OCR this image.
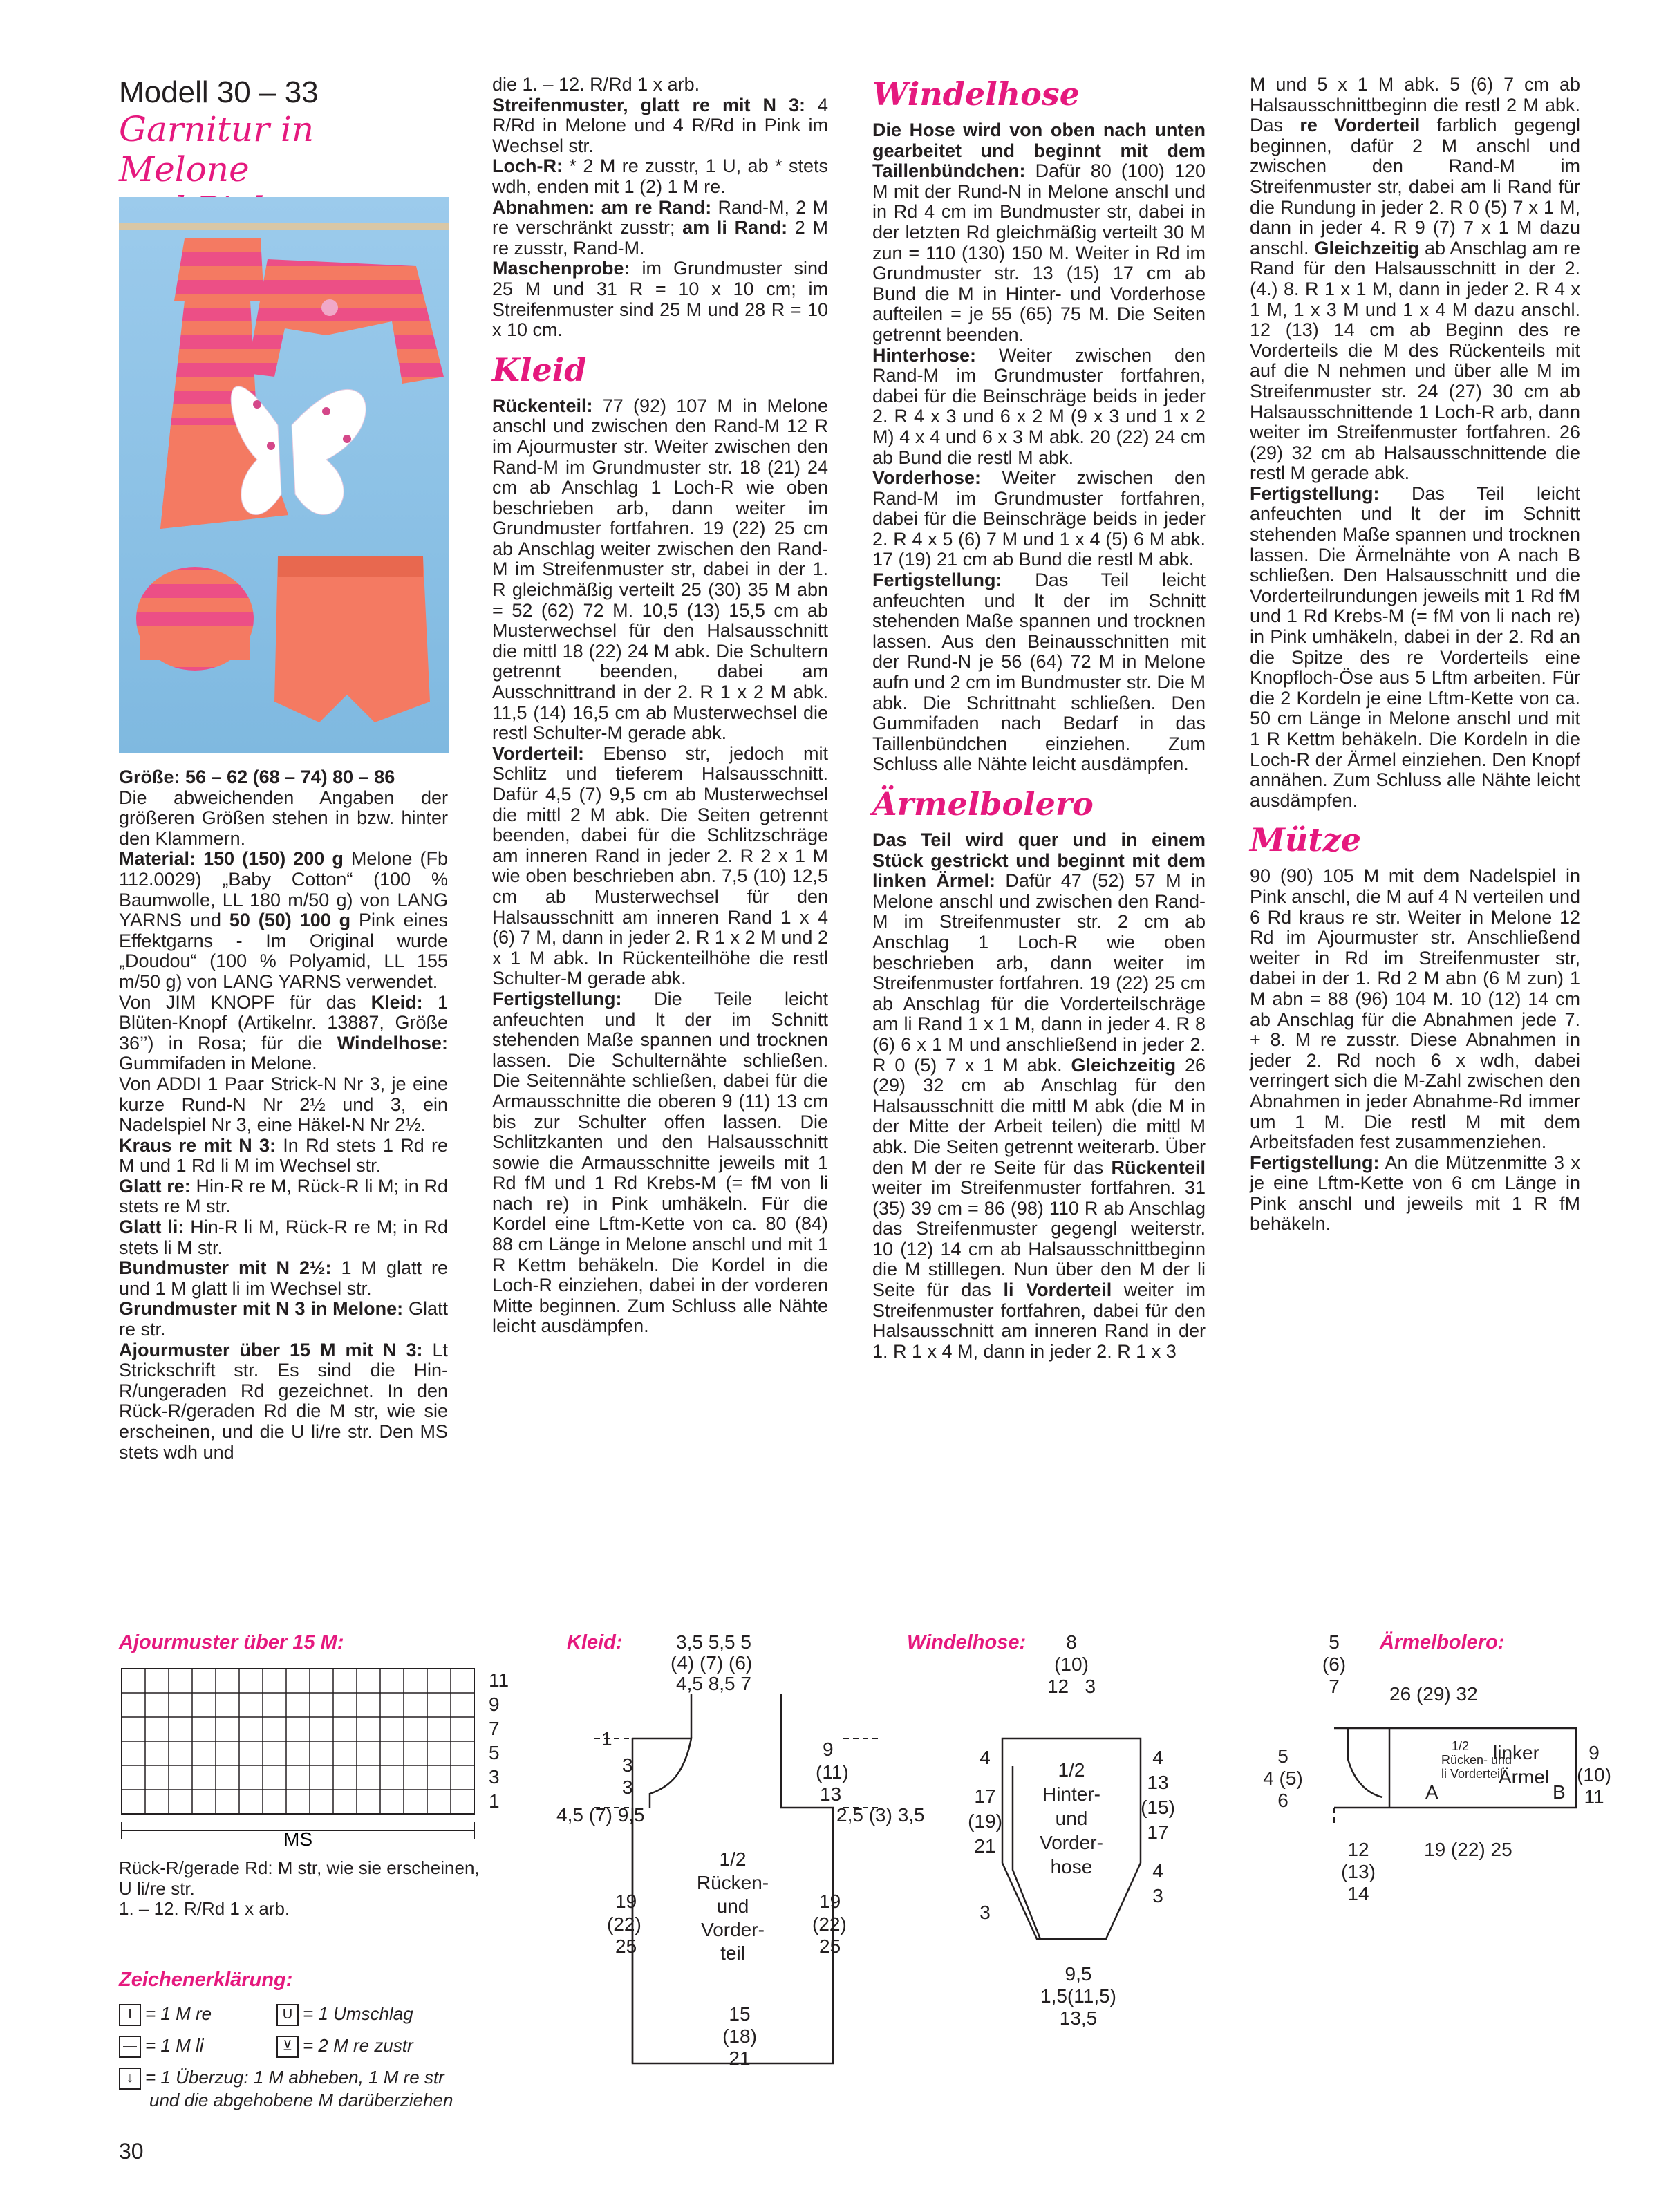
Modell 30 – 33
Garnitur in Melone

Größe: 56 – 62 (68 – 74) 80 – 86

Die abweichenden Angaben der größeren Größen stehen in bzw. hinter den Klammern.

Material: 150 (150) 200 g Melone (Fb 112.0029) „Baby Cotton“ (100 % Baumwolle, LL 180 m/50 g) von LANG YARNS und 50 (50) 100 g Pink eines Effektgarns - Im Original wurde „Doudou“ (100 % Polyamid, LL 155 m/50 g) von LANG YARNS verwendet.

Von JIM KNOPF für das Kleid: 1 Blüten-Knopf (Artikelnr. 13887, Größe 36’’) in Rosa; für die Windelhose: Gummifaden in Melone.

Von ADDI 1 Paar Strick-N Nr 3, je eine kurze Rund-N Nr 2½ und 3, ein Nadelspiel Nr 3, eine Häkel-N Nr 2½.

Kraus re mit N 3: In Rd stets 1 Rd re M und 1 Rd li M im Wechsel str.

Glatt re: Hin-R re M, Rück-R li M; in Rd stets re M str.

Glatt li: Hin-R li M, Rück-R re M; in Rd stets li M str.

Bundmuster mit N 2½: 1 M glatt re und 1 M glatt li im Wechsel str.

Grundmuster mit N 3 in Melone: Glatt re str.

Ajourmuster über 15 M mit N 3: Lt Strickschrift str. Es sind die Hin-R/ungeraden Rd gezeichnet. In den Rück-R/geraden Rd die M str, wie sie erscheinen, und die U li/re str. Den MS stets wdh und

die 1. – 12. R/Rd 1 x arb.

Streifenmuster, glatt re mit N 3: 4 R/Rd in Melone und 4 R/Rd in Pink im Wechsel str.

Loch-R: * 2 M re zusstr, 1 U, ab * stets wdh, enden mit 1 (2) 1 M re.

Abnahmen: am re Rand: Rand-M, 2 M re verschränkt zusstr; am li Rand: 2 M re zusstr, Rand-M.

Maschenprobe: im Grundmuster sind 25 M und 31 R = 10 x 10 cm; im Streifenmuster sind 25 M und 28 R = 10 x 10 cm.

Kleid

Rückenteil: 77 (92) 107 M in Melone anschl und zwischen den Rand-M 12 R im Ajourmuster str. Weiter zwischen den Rand-M im Grundmuster str. 18 (21) 24 cm ab Anschlag 1 Loch-R wie oben beschrieben arb, dann weiter im Grundmuster fortfahren. 19 (22) 25 cm ab Anschlag weiter zwischen den Rand-M im Streifenmuster str, dabei in der 1. R gleichmäßig verteilt 25 (30) 35 M abn = 52 (62) 72 M. 10,5 (13) 15,5 cm ab Musterwechsel für den Halsausschnitt die mittl 18 (22) 24 M abk. Die Schultern getrennt beenden, dabei am Ausschnittrand in der 2. R 1 x 2 M abk. 11,5 (14) 16,5 cm ab Musterwechsel die restl Schulter-M gerade abk.

Vorderteil: Ebenso str, jedoch mit Schlitz und tieferem Halsausschnitt. Dafür 4,5 (7) 9,5 cm ab Musterwechsel die mittl 2 M abk. Die Seiten getrennt beenden, dabei für die Schlitzschräge am inneren Rand in jeder 2. R 2 x 1 M wie oben beschrieben abn. 7,5 (10) 12,5 cm ab Musterwechsel für den Halsausschnitt am inneren Rand 1 x 4 (6) 7 M, dann in jeder 2. R 1 x 2 M und 2 x 1 M abk. In Rückenteilhöhe die restl Schulter-M gerade abk.

Fertigstellung: Die Teile leicht anfeuchten und lt der im Schnitt stehenden Maße spannen und trocknen lassen. Die Schulternähte schließen. Die Seitennähte schließen, dabei für die Armausschnitte die oberen 9 (11) 13 cm bis zur Schulter offen lassen. Die Schlitzkanten und den Halsausschnitt sowie die Armausschnitte jeweils mit 1 Rd fM und 1 Rd Krebs-M (= fM von li nach re) in Pink umhäkeln. Für die Kordel eine Lftm-Kette von ca. 80 (84) 88 cm Länge in Melone anschl und mit 1 R Kettm behäkeln. Die Kordel in die Loch-R einziehen, dabei in der vorderen Mitte beginnen. Zum Schluss alle Nähte leicht ausdämpfen.

Windelhose

Die Hose wird von oben nach unten gearbeitet und beginnt mit dem Taillenbündchen: Dafür 80 (100) 120 M mit der Rund-N in Melone anschl und in Rd 4 cm im Bundmuster str, dabei in der letzten Rd gleichmäßig verteilt 30 M zun = 110 (130) 150 M. Weiter in Rd im Grundmuster str. 13 (15) 17 cm ab Bund die M in Hinter- und Vorderhose aufteilen = je 55 (65) 75 M. Die Seiten getrennt beenden.

Hinterhose: Weiter zwischen den Rand-M im Grundmuster fortfahren, dabei für die Beinschräge beids in jeder 2. R 4 x 3 und 6 x 2 M (9 x 3 und 1 x 2 M) 4 x 4 und 6 x 3 M abk. 20 (22) 24 cm ab Bund die restl M abk.

Vorderhose: Weiter zwischen den Rand-M im Grundmuster fortfahren, dabei für die Beinschräge beids in jeder 2. R 4 x 5 (6) 7 M und 1 x 4 (5) 6 M abk. 17 (19) 21 cm ab Bund die restl M abk.

Fertigstellung: Das Teil leicht anfeuchten und lt der im Schnitt stehenden Maße spannen und trocknen lassen. Aus den Beinausschnitten mit der Rund-N je 56 (64) 72 M in Melone aufn und 2 cm im Bundmuster str. Die M abk. Die Schrittnaht schließen. Den Gummifaden nach Bedarf in das Taillenbündchen einziehen. Zum Schluss alle Nähte leicht ausdämpfen.

Ärmelbolero

Das Teil wird quer und in einem Stück gestrickt und beginnt mit dem linken Ärmel: Dafür 47 (52) 57 M in Melone anschl und zwischen den Rand-M im Streifenmuster str. 2 cm ab Anschlag 1 Loch-R wie oben beschrieben arb, dann weiter im Streifenmuster fortfahren. 19 (22) 25 cm ab Anschlag für die Vorderteilschräge am li Rand 1 x 1 M, dann in jeder 4. R 8 (6) 6 x 1 M und anschließend in jeder 2. R 0 (5) 7 x 1 M abk. Gleichzeitig 26 (29) 32 cm ab Anschlag für den Halsausschnitt die mittl M abk (die M in der Mitte der Arbeit teilen) die mittl M abk. Die Seiten getrennt weiterarb. Über den M der re Seite für das Rückenteil weiter im Streifenmuster fortfahren. 31 (35) 39 cm = 86 (98) 110 R ab Anschlag das Streifenmuster gegengl weiterstr. 10 (12) 14 cm ab Halsausschnittbeginn die M stilllegen. Nun über den M der li Seite für das li Vorderteil weiter im Streifenmuster fortfahren, dabei für den Halsausschnitt am inneren Rand in der 1. R 1 x 4 M, dann in jeder 2. R 1 x 3

M und 5 x 1 M abk. 5 (6) 7 cm ab Halsausschnittbeginn die restl 2 M abk. Das re Vorderteil farblich gegengl beginnen, dafür 2 M anschl und zwischen den Rand-M im Streifenmuster str, dabei am li Rand für die Rundung in jeder 2. R 0 (5) 7 x 1 M, dann in jeder 4. R 9 (7) 7 x 1 M dazu anschl. Gleichzeitig ab Anschlag am re Rand für den Halsausschnitt in der 2. (4.) 8. R 1 x 1 M, dann in jeder 2. R 4 x 1 M, 1 x 3 M und 1 x 4 M dazu anschl. 12 (13) 14 cm ab Beginn des re Vorderteils die M des Rückenteils mit auf die N nehmen und über alle M im Streifenmuster str. 24 (27) 30 cm ab Halsausschnittende 1 Loch-R arb, dann weiter im Streifenmuster fortfahren. 26 (29) 32 cm ab Halsausschnittende die restl M gerade abk.

Fertigstellung: Das Teil leicht anfeuchten und lt der im Schnitt stehenden Maße spannen und trocknen lassen. Die Ärmelnähte von A nach B schließen. Den Halsausschnitt und die Vorderteilrundungen jeweils mit 1 Rd fM und 1 Rd Krebs-M (= fM von li nach re) in Pink umhäkeln, dabei in der 2. Rd an die Spitze des re Vorderteils eine Knopfloch-Öse aus 5 Lftm arbeiten. Für die 2 Kordeln je eine Lftm-Kette von ca. 50 cm Länge in Melone anschl und mit 1 R Kettm behäkeln. Die Kordeln in die Loch-R der Ärmel einziehen. Den Knopf annähen. Zum Schluss alle Nähte leicht ausdämpfen.

Mütze

90 (90) 105 M mit dem Nadelspiel in Pink anschl, die M auf 4 N verteilen und 6 Rd kraus re str. Weiter in Melone 12 Rd im Ajourmuster str. Anschließend weiter in Rd im Streifenmuster str, dabei in der 1. Rd 2 M abn (6 M zun) 1 M abn = 88 (96) 104 M. 10 (12) 14 cm ab Anschlag für die Abnahmen jede 7. + 8. M re zusstr. Diese Abnahmen in jeder 2. Rd noch 6 x wdh, dabei verringert sich die M-Zahl zwischen den Abnahmen in jeder Abnahme-Rd immer um 1 M. Die restl M mit dem Arbeitsfaden fest zusammenziehen.

Fertigstellung: An die Mützenmitte 3 x je eine Lftm-Kette von 6 cm Länge in Pink anschl und jeweils mit 1 R fM behäkeln.

Ajourmuster über 15 M:
MS
11
9
7
5
3
1

Rück-R/gerade Rd: M str, wie sie erscheinen,

U li/re str.

1. – 12. R/Rd 1 x arb.

Zeichenerklärung:
I = 1 M re	U = 1 Umschlag
— = 1 M li	⊻ = 2 M re zustr
↓ = 1 Überzug: 1 M abheben, 1 M re str
und die abgehobene M darüberziehen
Kleid:	3,5 5,5 5
(4) (7) (6)
4,5 8,5 7
1
3
3
4,5 (7) 9,5
19
(22)
25
9
(11)
13
2,5 (3) 3,5
19
(22)
25
1/2
Rücken-
und
Vorder-
teil
15
(18)
21
Windelhose:	8
(10)
12 3
1/2
Hinter-
und
Vorder-
hose
4
17
(19)
21
3
4
13
(15)
17
4
3
9,5
1,5(11,5)
13,5
Ärmelbolero:
5
(6)
7	26 (29) 32
1/2
Rücken- und
li Vorderteil
linker
Ärmel
A	B
5
4 (5) 6
9
(10)
11
12
(13)
14
19 (22) 25
30
